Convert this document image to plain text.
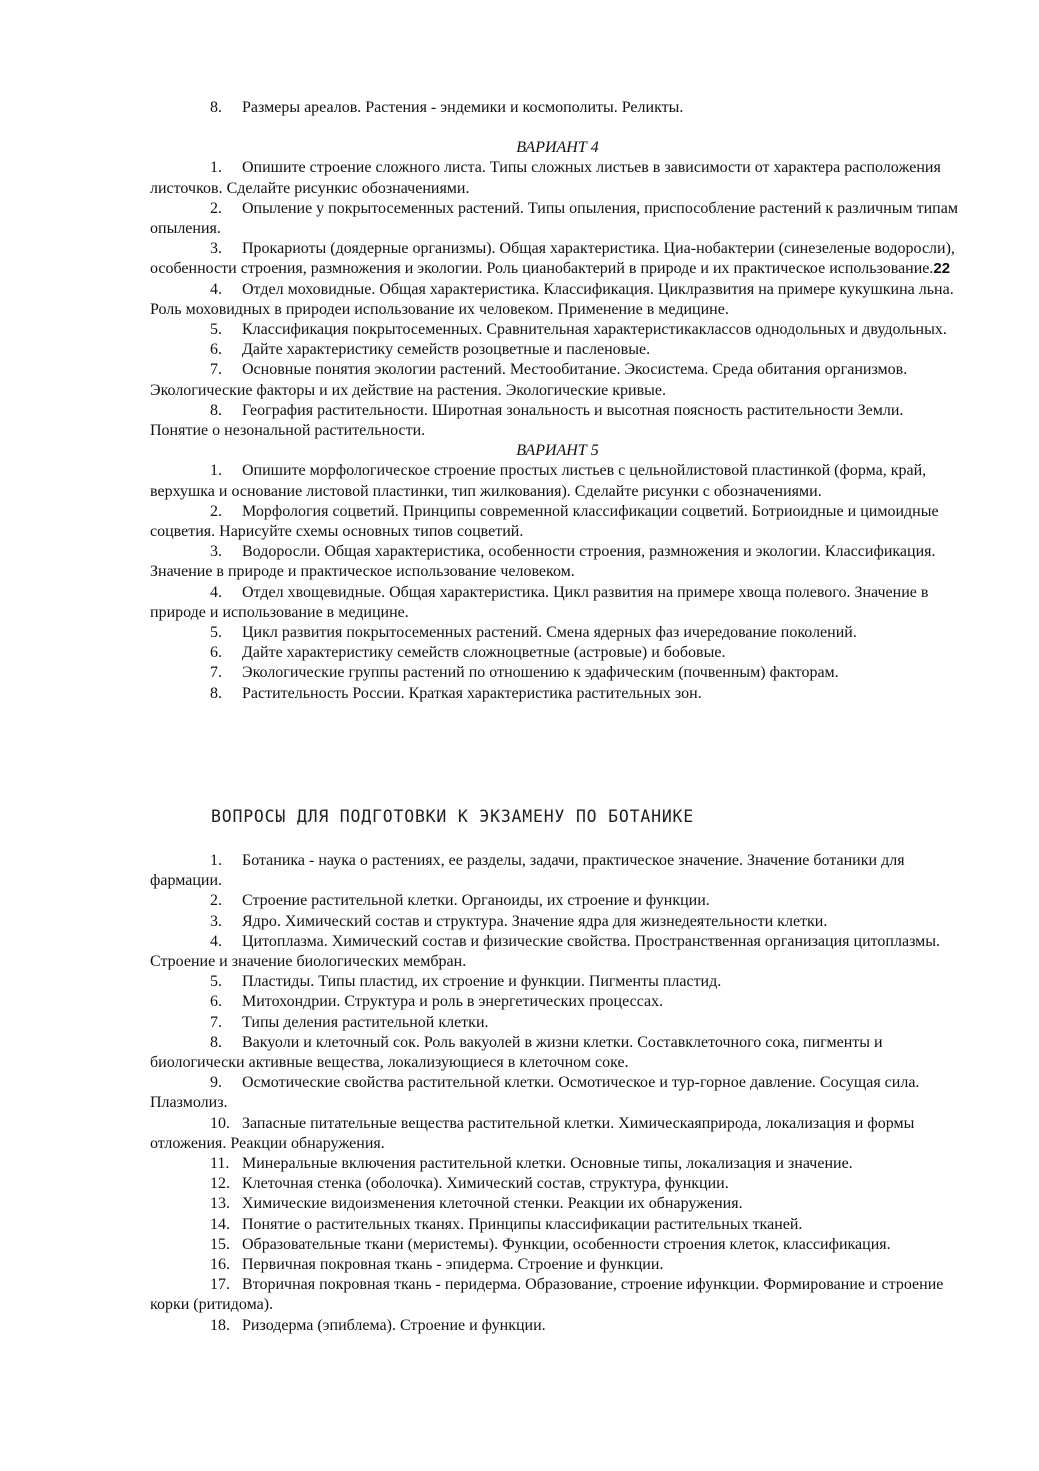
8. Размеры ареалов. Растения - эндемики и космополиты. Реликты.

ВАРИАНТ 4

1. Опишите строение сложного листа. Типы сложных листьев в зависимости от характера расположения листочков. Сделайте рисункис обозначениями.

2. Опыление у покрытосеменных растений. Типы опыления, приспособление растений к различным типам опыления.

3. Прокариоты (доядерные организмы). Общая характеристика. Циа-нобактерии (синезеленые водоросли), особенности строения, размножения и экологии. Роль цианобактерий в природе и их практическое использование.22

4. Отдел моховидные. Общая характеристика. Классификация. Циклразвития на примере кукушкина льна. Роль моховидных в природеи использование их человеком. Применение в медицине.

5. Классификация покрытосеменных. Сравнительная характеристикаклассов однодольных и двудольных.

6. Дайте характеристику семейств розоцветные и пасленовые.

7. Основные понятия экологии растений. Местообитание. Экосистема. Среда обитания организмов. Экологические факторы и их действие на растения. Экологические кривые.

8. География растительности. Широтная зональность и высотная поясность растительности Земли. Понятие о незональной растительности.

ВАРИАНТ 5

1. Опишите морфологическое строение простых листьев с цельнойлистовой пластинкой (форма, край, верхушка и основание листовой пластинки, тип жилкования). Сделайте рисунки с обозначениями.

2. Морфология соцветий. Принципы современной классификации соцветий. Ботриоидные и цимоидные соцветия. Нарисуйте схемы основных типов соцветий.

3. Водоросли. Общая характеристика, особенности строения, размножения и экологии. Классификация. Значение в природе и практическое использование человеком.

4. Отдел хвощевидные. Общая характеристика. Цикл развития на примере хвоща полевого. Значение в природе и использование в медицине.

5. Цикл развития покрытосеменных растений. Смена ядерных фаз ичередование поколений.

6. Дайте характеристику семейств сложноцветные (астровые) и бобовые.

7. Экологические группы растений по отношению к эдафическим (почвенным) факторам.

8. Растительность России. Краткая характеристика растительных зон.

ВОПРОСЫ ДЛЯ ПОДГОТОВКИ К ЭКЗАМЕНУ ПО БОТАНИКЕ

1. Ботаника - наука о растениях, ее разделы, задачи, практическое значение. Значение ботаники для фармации.

2. Строение растительной клетки. Органоиды, их строение и функции.

3. Ядро. Химический состав и структура. Значение ядра для жизнедеятельности клетки.

4. Цитоплазма. Химический состав и физические свойства. Пространственная организация цитоплазмы. Строение и значение биологических мембран.

5. Пластиды. Типы пластид, их строение и функции. Пигменты пластид.

6. Митохондрии. Структура и роль в энергетических процессах.

7. Типы деления растительной клетки.

8. Вакуоли и клеточный сок. Роль вакуолей в жизни клетки. Составклеточного сока, пигменты и биологически активные вещества, локализующиеся в клеточном соке.

9. Осмотические свойства растительной клетки. Осмотическое и тур-горное давление. Сосущая сила. Плазмолиз.

10. Запасные питательные вещества растительной клетки. Химическаяприрода, локализация и формы отложения. Реакции обнаружения.

11. Минеральные включения растительной клетки. Основные типы, локализация и значение.

12. Клеточная стенка (оболочка). Химический состав, структура, функции.

13. Химические видоизменения клеточной стенки. Реакции их обнаружения.

14. Понятие о растительных тканях. Принципы классификации растительных тканей.

15. Образовательные ткани (меристемы). Функции, особенности строения клеток, классификация.

16. Первичная покровная ткань - эпидерма. Строение и функции.

17. Вторичная покровная ткань - перидерма. Образование, строение ифункции. Формирование и строение корки (ритидома).

18. Ризодерма (эпиблема). Строение и функции.
